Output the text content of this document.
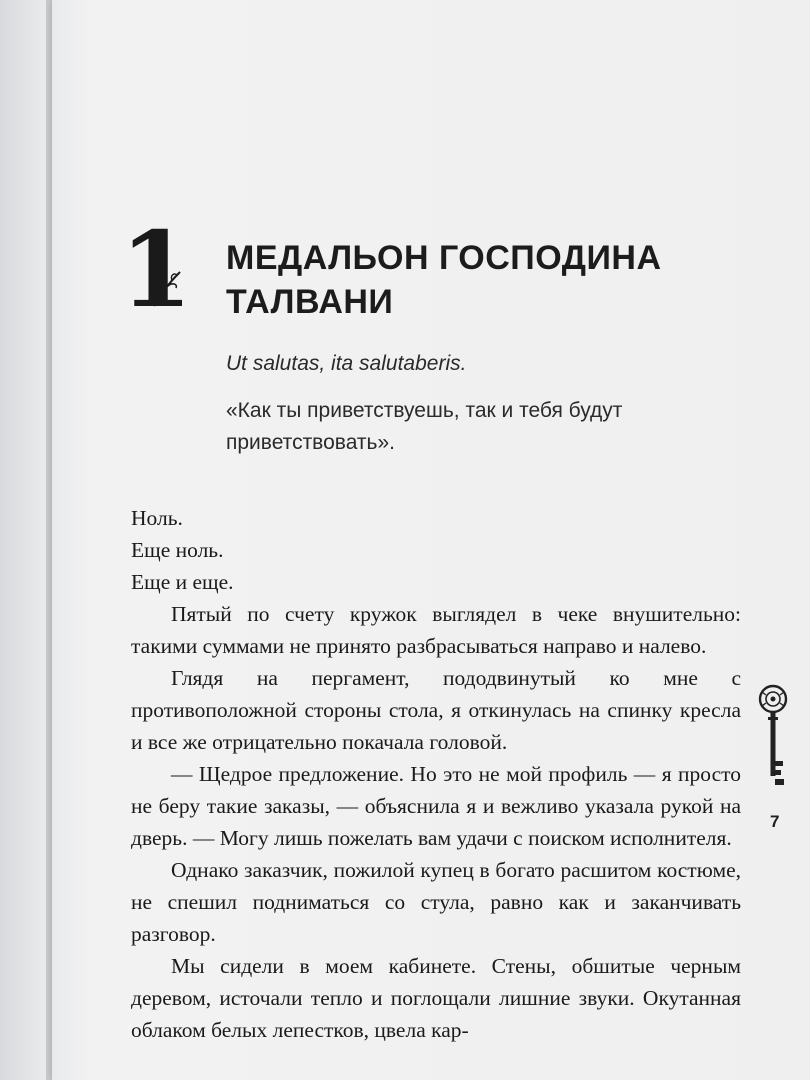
1 МЕДАЛЬОН ГОСПОДИНА
ТАЛВАНИ
Ut salutas, ita salutaberis.
«Как ты приветствуешь, так и тебя будут приветствовать».

Ноль.

Еще ноль.

Еще и еще.

Пятый по счету кружок выглядел в чеке внушительно: такими суммами не принято разбрасываться направо и налево.

Глядя на пергамент, пододвинутый ко мне с противоположной стороны стола, я откинулась на спинку кресла и все же отрицательно покачала головой.

— Щедрое предложение. Но это не мой профиль — я просто не беру такие заказы, — объяснила я и вежливо указала рукой на дверь. — Могу лишь пожелать вам удачи с поиском исполнителя.

Однако заказчик, пожилой купец в богато расшитом костюме, не спешил подниматься со стула, равно как и заканчивать разговор.

Мы сидели в моем кабинете. Стены, обшитые черным деревом, источали тепло и поглощали лишние звуки. Окутанная облаком белых лепестков, цвела кар-

7
